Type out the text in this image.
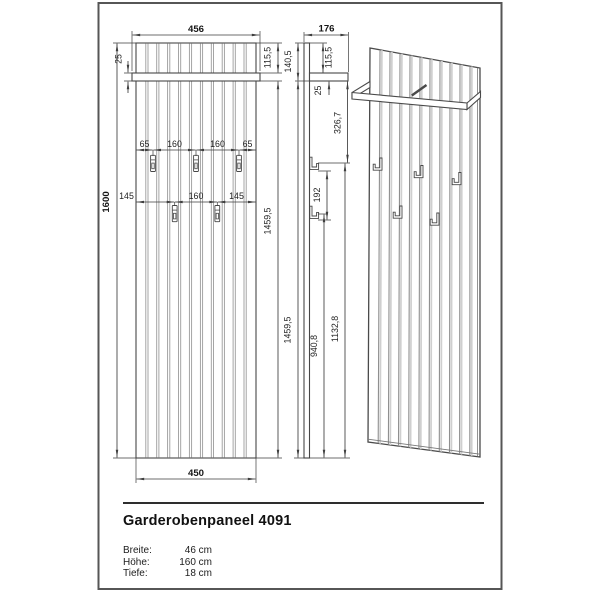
456
450
1600
25	115,5
1459,5
65 160	160 65
145	160	145
176
140,5	115,5
25
326,7
192
1459,5
940,8
1132,8
Garderobenpaneel 4091
Breite:	46 cm
Höhe:	160 cm
Tiefe:	18 cm
